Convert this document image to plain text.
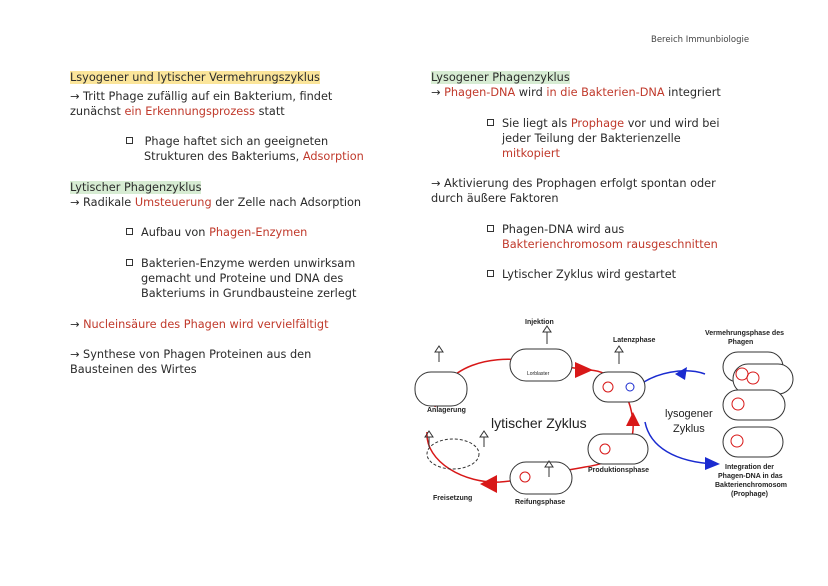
Bereich Immunbiologie
Lsyogener und lytischer Vermehrungszyklus
→ Tritt Phage zufällig auf ein Bakterium, findet
zunächst ein Erkennungsprozess statt
Phage haftet sich an geeigneten
Strukturen des Bakteriums, Adsorption
Lytischer Phagenzyklus
→ Radikale Umsteuerung der Zelle nach Adsorption
Aufbau von Phagen-Enzymen
Bakterien-Enzyme werden unwirksam
gemacht und Proteine und DNA des
Bakteriums in Grundbausteine zerlegt
→ Nucleinsäure des Phagen wird vervielfältigt
→ Synthese von Phagen Proteinen aus den
Bausteinen des Wirtes
Lysogener Phagenzyklus
→ Phagen-DNA wird in die Bakterien-DNA integriert
Sie liegt als Prophage vor und wird bei
jeder Teilung der Bakterienzelle
mitkopiert
→ Aktivierung des Prophagen erfolgt spontan oder
durch äußere Faktoren
Phagen-DNA wird aus
Bakterienchromosom rausgeschnitten
Lytischer Zyklus wird gestartet
Lorblaster
Injektion
Latenzphase
Vermehrungsphase des
Phagen
Anlagerung
lytischer Zyklus
lysogener
Zyklus
Produktionsphase	Integration der
Phagen-DNA in das
Bakterienchromosom
(Prophage)
Freisetzung
Reifungsphase
